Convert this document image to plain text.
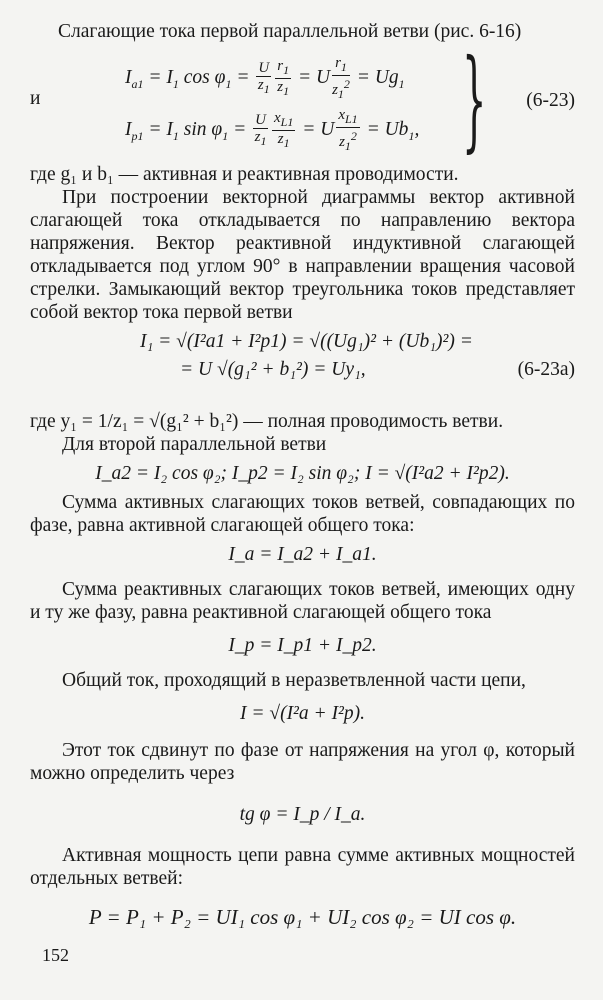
Слагающие тока первой параллельной ветви (рис. 6-16)

$I_{a1} = I_1$ $\cos \varphi_1 = \frac{U}{z_1} \frac{r_1}{z_1} = U \frac{r_1}{z_1^2} = Ug_1$
и
$I_{p1} = I_1$ $\sin \varphi_1 = \frac{U}{z_1} \frac{x_{L1}}{z_1} = U \frac{x_{L1}}{z_1^2} = Ub_1$, } (6-23)

где g₁ и b₁ — активная и реактивная проводимости.

При построении векторной диаграммы вектор активной слагающей тока откладывается по направлению вектора напряжения. Вектор реактивной индуктивной слагающей откладывается под углом 90° в направлении вращения часовой стрелки. Замыкающий вектор треугольника токов представляет собой вектор тока первой ветви

I₁ = √(I²a1 + I²p1) = √((Ug₁)² + (Ub₁)²) =
= U √(g₁² + b₁²) = Uy₁,	(6-23а)

где y₁ = 1/z₁ = √(g₁² + b₁²) — полная проводимость ветви.

Для второй параллельной ветви

I_a2 = I₂ cos φ₂; I_p2 = I₂ sin φ₂; I = √(I²a2 + I²p2).

Сумма активных слагающих токов ветвей, совпадающих по фазе, равна активной слагающей общего тока:

I_a = I_a2 + I_a1.

Сумма реактивных слагающих токов ветвей, имеющих одну и ту же фазу, равна реактивной слагающей общего тока

I_p = I_p1 + I_p2.

Общий ток, проходящий в неразветвленной части цепи,

I = √(I²a + I²p).

Этот ток сдвинут по фазе от напряжения на угол φ, который можно определить через

tg φ = I_p / I_a.

Активная мощность цепи равна сумме активных мощностей отдельных ветвей:

P = P₁ + P₂ = UI₁ cos φ₁ + UI₂ cos φ₂ = UI cos φ.
152
